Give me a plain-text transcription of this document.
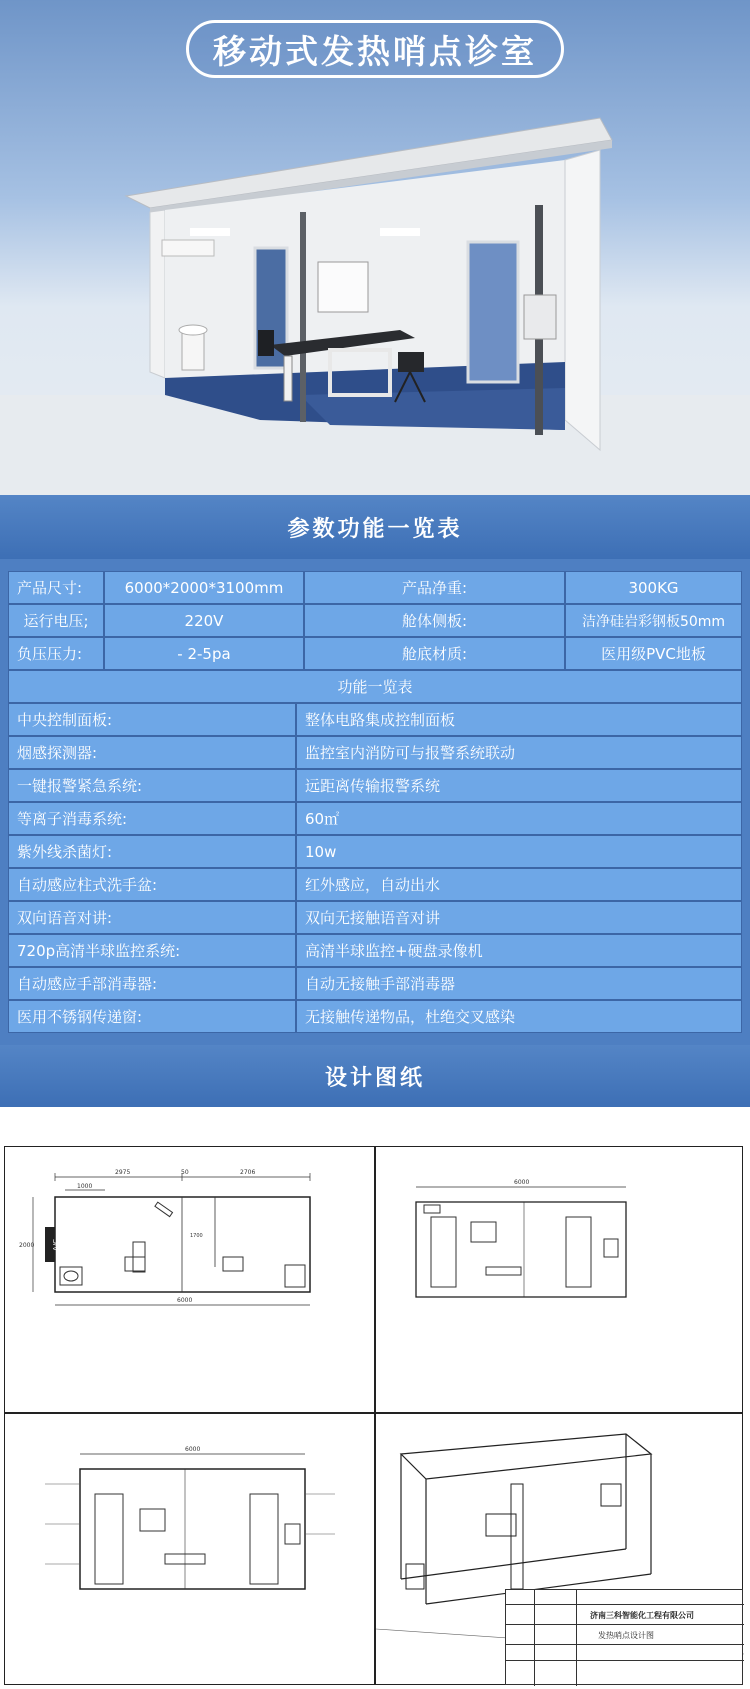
移动式发热哨点诊室
参数功能一览表
产品尺寸:	6000*2000*3100mm	产品净重:	300KG
运行电压;	220V	舱体侧板:	洁净硅岩彩钢板50mm
负压压力:	- 2-5pa	舱底材质:	医用级PVC地板
功能一览表
中央控制面板:	整体电路集成控制面板
烟感探测器:	监控室内消防可与报警系统联动
一键报警紧急系统:	远距离传输报警系统
等离子消毒系统:	60㎡
紫外线杀菌灯:	10w
自动感应柱式洗手盆:	红外感应，自动出水
双向语音对讲:	双向无接触语音对讲
720p高清半球监控系统:	高清半球监控+硬盘录像机
自动感应手部消毒器:	自动无接触手部消毒器
医用不锈钢传递窗:	无接触传递物品，杜绝交叉感染
设计图纸
2975	50	2706
1000
A/C
2000
1700
6000
6000
6000
济南三科智能化工程有限公司
发热哨点设计图
